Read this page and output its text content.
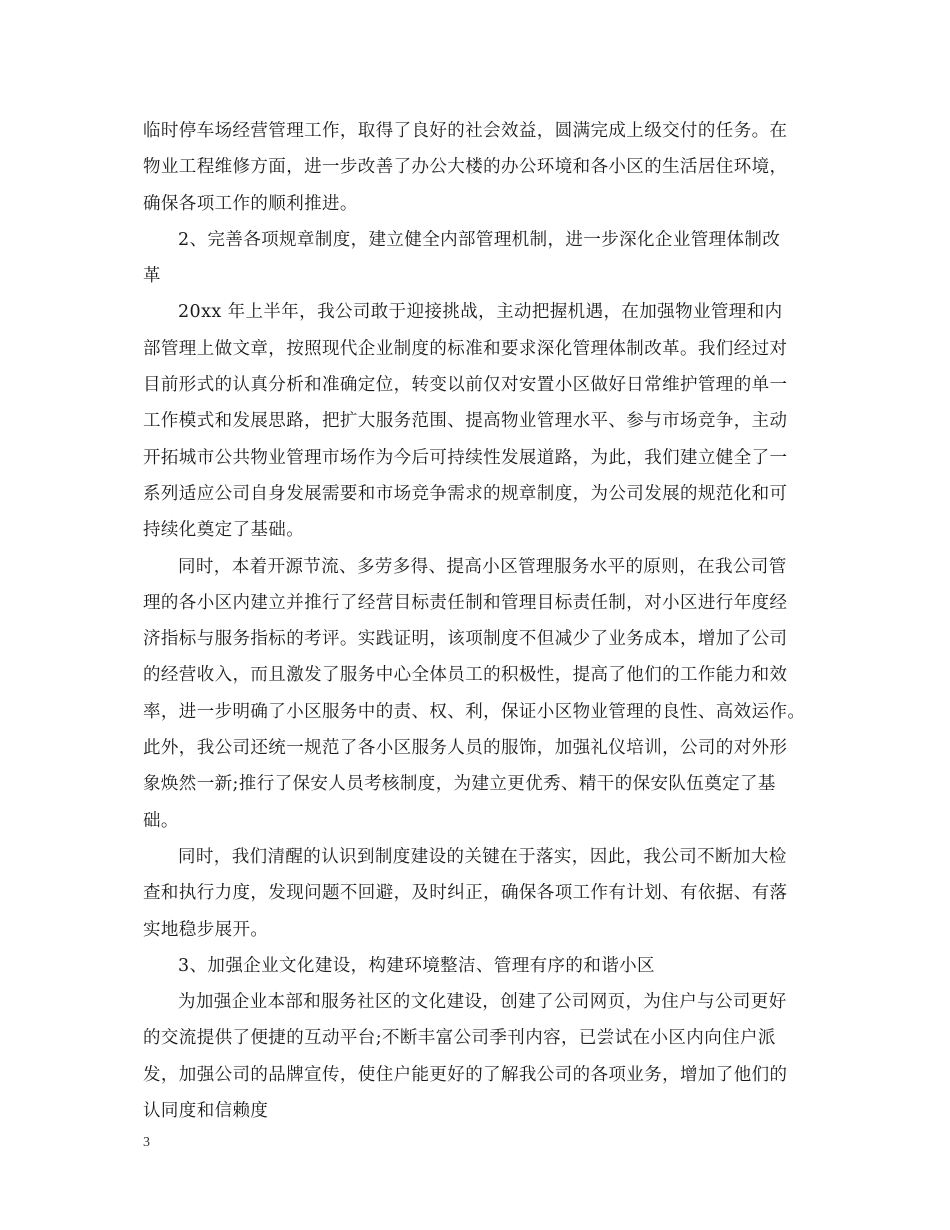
临时停车场经营管理工作，取得了良好的社会效益，圆满完成上级交付的任务。在
物业工程维修方面，进一步改善了办公大楼的办公环境和各小区的生活居住环境，
确保各项工作的顺利推进。
2、完善各项规章制度，建立健全内部管理机制，进一步深化企业管理体制改
革
20xx 年上半年，我公司敢于迎接挑战，主动把握机遇，在加强物业管理和内
部管理上做文章，按照现代企业制度的标准和要求深化管理体制改革。我们经过对
目前形式的认真分析和准确定位，转变以前仅对安置小区做好日常维护管理的单一
工作模式和发展思路，把扩大服务范围、提高物业管理水平、参与市场竞争，主动
开拓城市公共物业管理市场作为今后可持续性发展道路，为此，我们建立健全了一
系列适应公司自身发展需要和市场竞争需求的规章制度，为公司发展的规范化和可
持续化奠定了基础。
同时，本着开源节流、多劳多得、提高小区管理服务水平的原则，在我公司管
理的各小区内建立并推行了经营目标责任制和管理目标责任制，对小区进行年度经
济指标与服务指标的考评。实践证明，该项制度不但减少了业务成本，增加了公司
的经营收入，而且激发了服务中心全体员工的积极性，提高了他们的工作能力和效
率，进一步明确了小区服务中的责、权、利，保证小区物业管理的良性、高效运作。
此外，我公司还统一规范了各小区服务人员的服饰，加强礼仪培训，公司的对外形
象焕然一新;推行了保安人员考核制度，为建立更优秀、精干的保安队伍奠定了基
础。
同时，我们清醒的认识到制度建设的关键在于落实，因此，我公司不断加大检
查和执行力度，发现问题不回避，及时纠正，确保各项工作有计划、有依据、有落
实地稳步展开。
3、加强企业文化建设，构建环境整洁、管理有序的和谐小区
为加强企业本部和服务社区的文化建设，创建了公司网页，为住户与公司更好
的交流提供了便捷的互动平台;不断丰富公司季刊内容，已尝试在小区内向住户派
发，加强公司的品牌宣传，使住户能更好的了解我公司的各项业务，增加了他们的
认同度和信赖度
3
